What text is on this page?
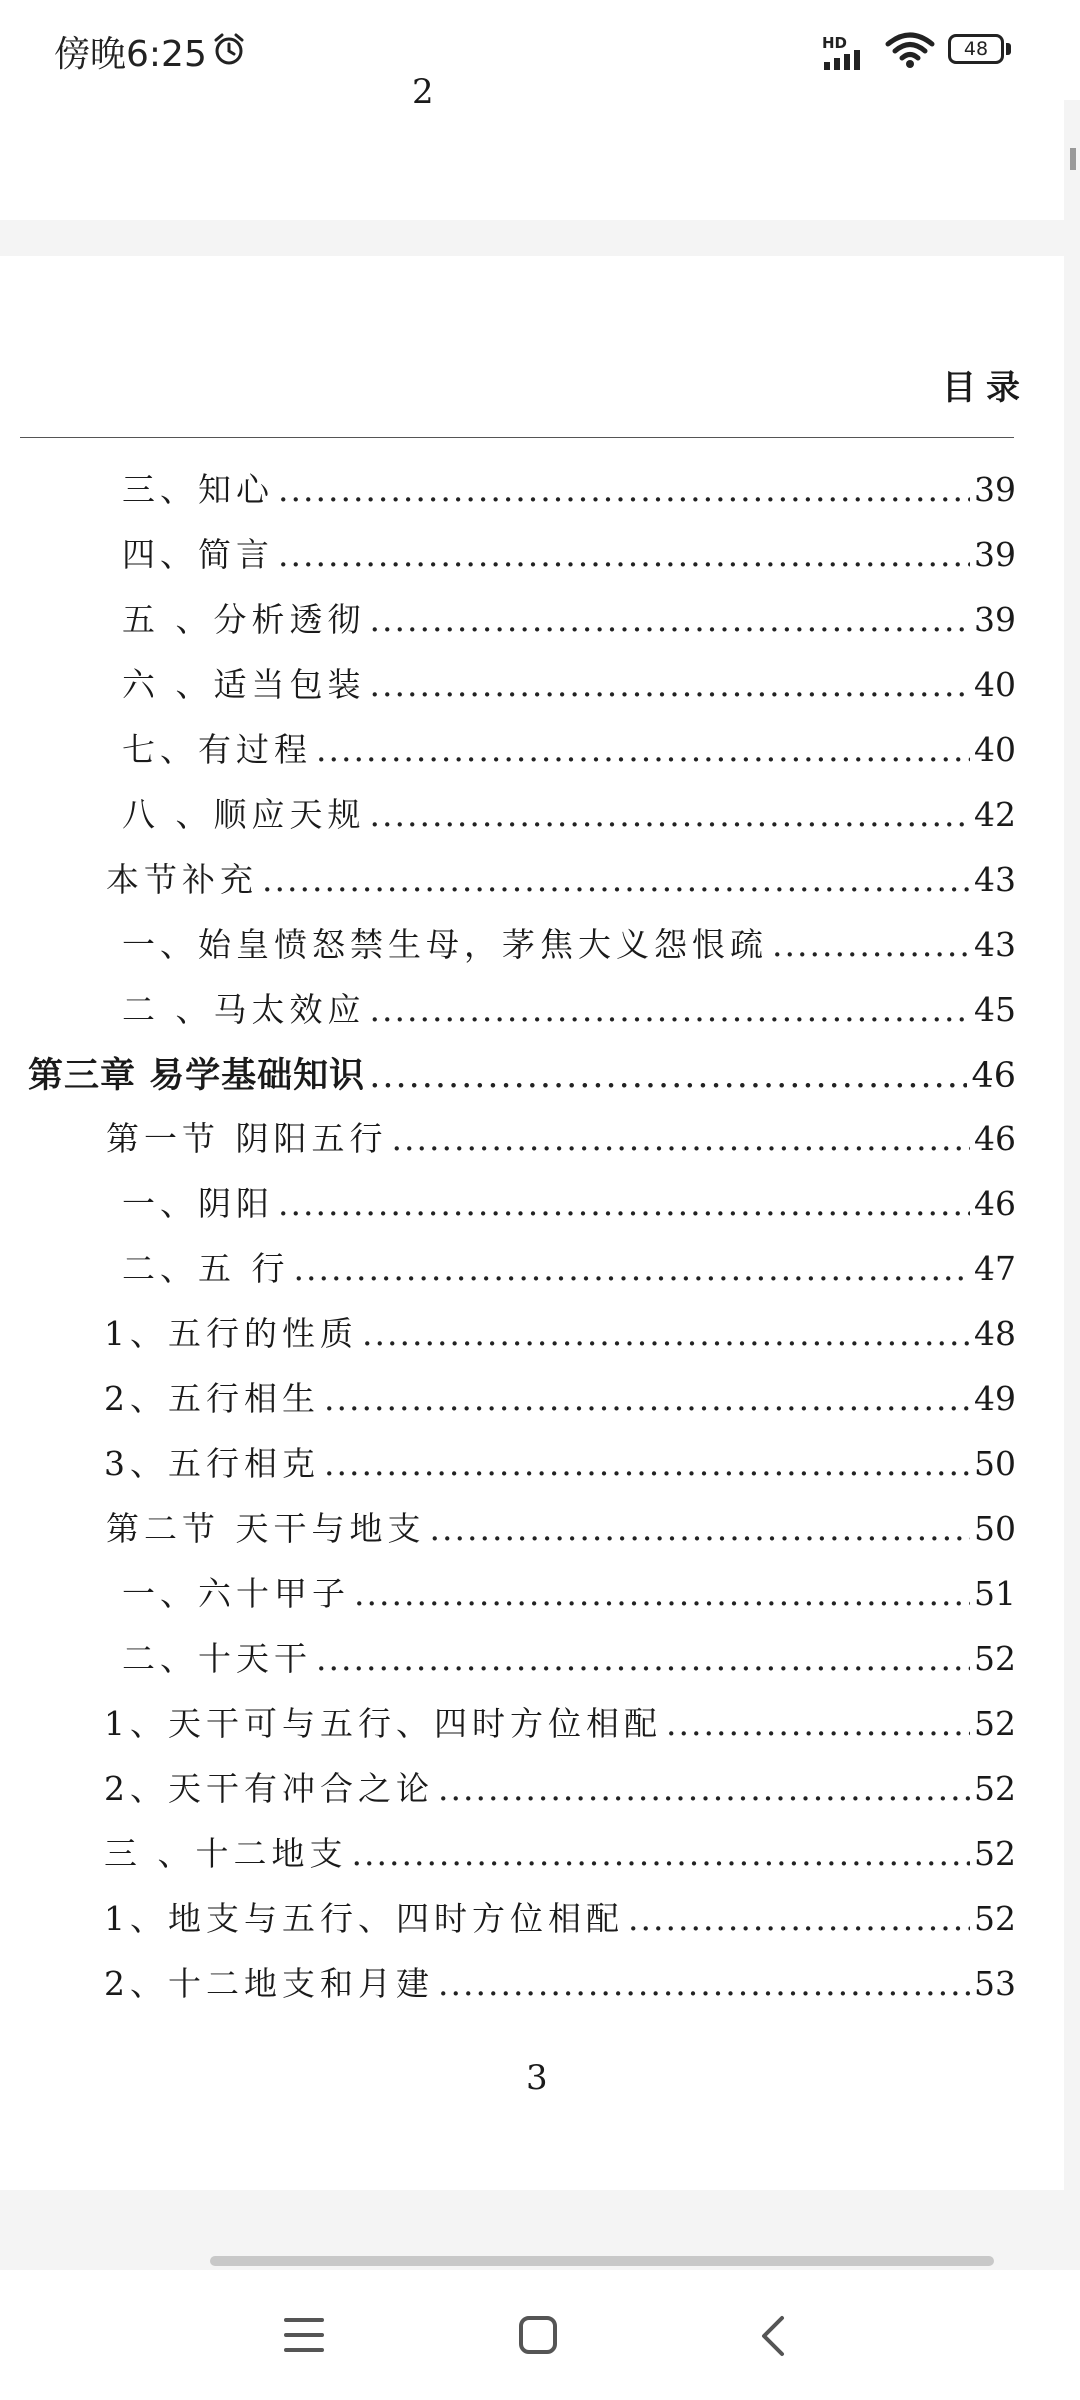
傍晚6:25	HD	48
2
目录
三、知心 .....	39
四、简言 .....	39
五 、分析透彻 .....	39
六 、适当包装 .....	40
七、有过程 .....	40
八 、顺应天规 .....	42
本节补充 .....	43
一、始皇愤怒禁生母，茅焦大义怨恨疏 .....	43
二 、马太效应 .....	45
第三章 易学基础知识 .....	46
第一节 阴阳五行 .....	46
一、阴阳 .....	46
二、五 行 .....	47
1、五行的性质 .....	48
2、五行相生 .....	49
3、五行相克 .....	50
第二节 天干与地支 .....	50
一、六十甲子 .....	51
二、十天干 .....	52
1、天干可与五行、四时方位相配 .....	52
2、天干有冲合之论 .....	52
三 、十二地支 .....	52
1、地支与五行、四时方位相配 .....	52
2、十二地支和月建 .....	53
3
